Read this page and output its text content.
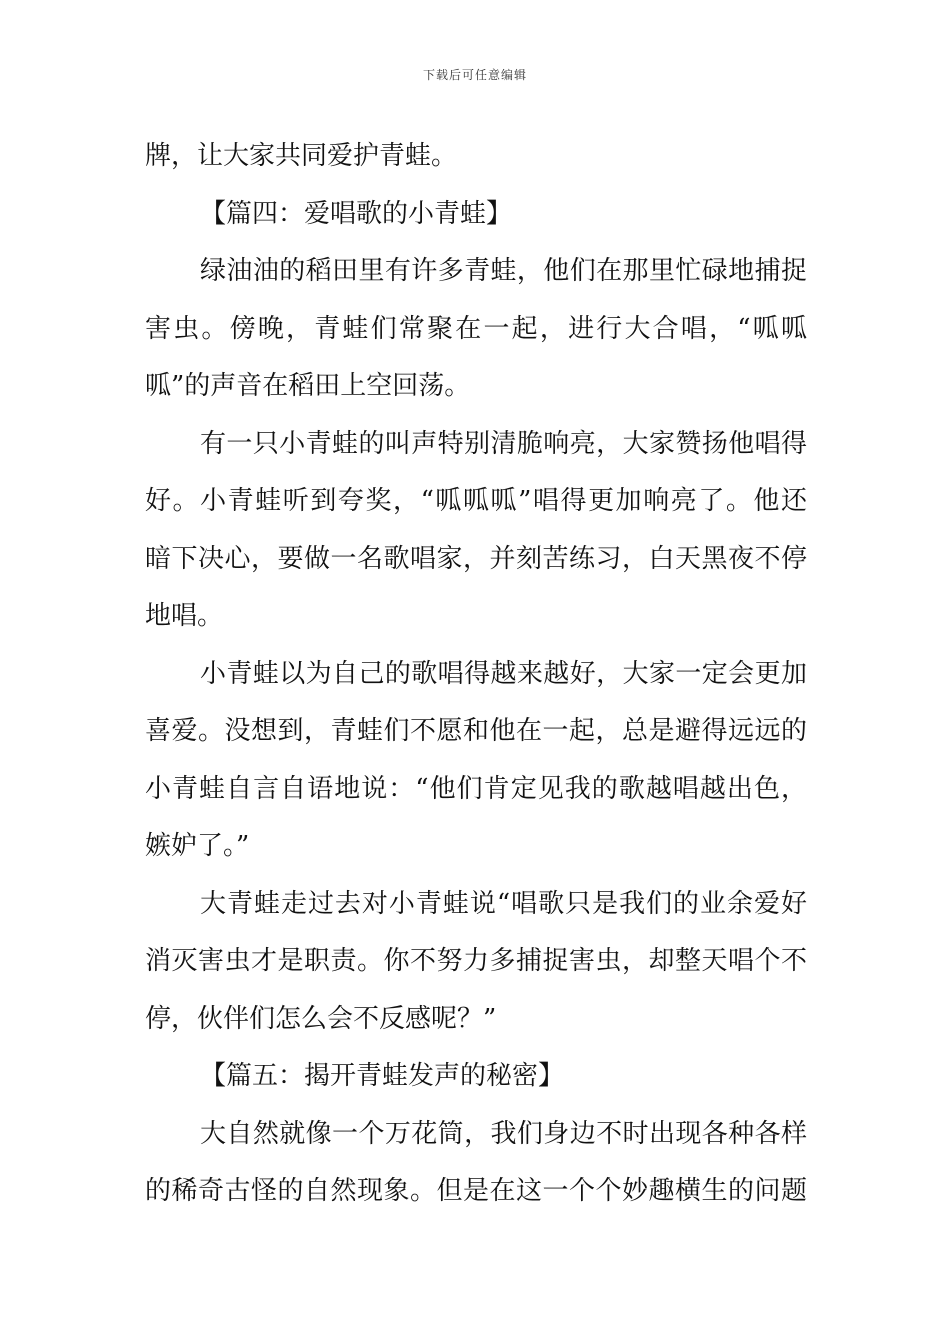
下载后可任意编辑
牌，让大家共同爱护青蛙。
【篇四：爱唱歌的小青蛙】
绿油油的稻田里有许多青蛙，他们在那里忙碌地捕捉
害虫。傍晚，青蛙们常聚在一起，进行大合唱，“呱呱
呱”的声音在稻田上空回荡。
有一只小青蛙的叫声特别清脆响亮，大家赞扬他唱得
好。小青蛙听到夸奖，“呱呱呱”唱得更加响亮了。他还
暗下决心，要做一名歌唱家，并刻苦练习，白天黑夜不停
地唱。
小青蛙以为自己的歌唱得越来越好，大家一定会更加
喜爱。没想到，青蛙们不愿和他在一起，总是避得远远的
小青蛙自言自语地说：“他们肯定见我的歌越唱越出色，
嫉妒了。”
大青蛙走过去对小青蛙说“唱歌只是我们的业余爱好
消灭害虫才是职责。你不努力多捕捉害虫，却整天唱个不
停，伙伴们怎么会不反感呢？”
【篇五：揭开青蛙发声的秘密】
大自然就像一个万花筒，我们身边不时出现各种各样
的稀奇古怪的自然现象。但是在这一个个妙趣横生的问题
